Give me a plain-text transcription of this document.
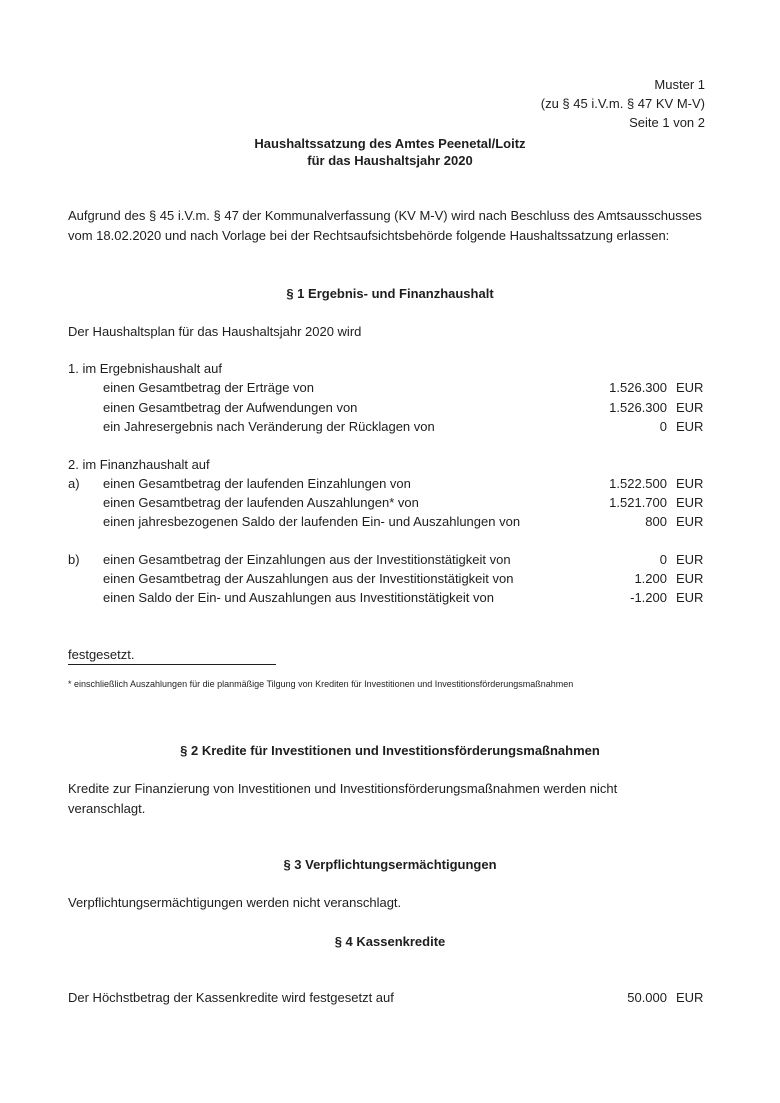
Muster 1
(zu § 45 i.V.m. § 47 KV M-V)
Seite 1 von 2
Haushaltssatzung des Amtes Peenetal/Loitz
für das Haushaltsjahr 2020
Aufgrund des § 45 i.V.m. § 47 der Kommunalverfassung (KV M-V) wird nach Beschluss des Amtsausschusses
vom 18.02.2020 und nach Vorlage bei der Rechtsaufsichtsbehörde folgende Haushaltssatzung erlassen:
§ 1 Ergebnis- und Finanzhaushalt
Der Haushaltsplan für das Haushaltsjahr 2020 wird
1. im Ergebnishaushalt auf
einen Gesamtbetrag der Erträge von	1.526.300 EUR
einen Gesamtbetrag der Aufwendungen von	1.526.300 EUR
ein Jahresergebnis nach Veränderung der Rücklagen von	0 EUR
2. im Finanzhaushalt auf
a) einen Gesamtbetrag der laufenden Einzahlungen von	1.522.500 EUR
einen Gesamtbetrag der laufenden Auszahlungen* von	1.521.700 EUR
einen jahresbezogenen Saldo der laufenden Ein- und Auszahlungen von	800 EUR
b) einen Gesamtbetrag der Einzahlungen aus der Investitionstätigkeit von	0 EUR
einen Gesamtbetrag der Auszahlungen aus der Investitionstätigkeit von	1.200 EUR
einen Saldo der Ein- und Auszahlungen aus Investitionstätigkeit von	-1.200 EUR
festgesetzt.
* einschließlich Auszahlungen für die planmäßige Tilgung von Krediten für Investitionen und Investitionsförderungsmaßnahmen
§ 2 Kredite für Investitionen und Investitionsförderungsmaßnahmen
Kredite zur Finanzierung von Investitionen und Investitionsförderungsmaßnahmen werden nicht
veranschlagt.
§ 3 Verpflichtungsermächtigungen
Verpflichtungsermächtigungen werden nicht veranschlagt.
§ 4 Kassenkredite
Der Höchstbetrag der Kassenkredite wird festgesetzt auf	50.000 EUR
